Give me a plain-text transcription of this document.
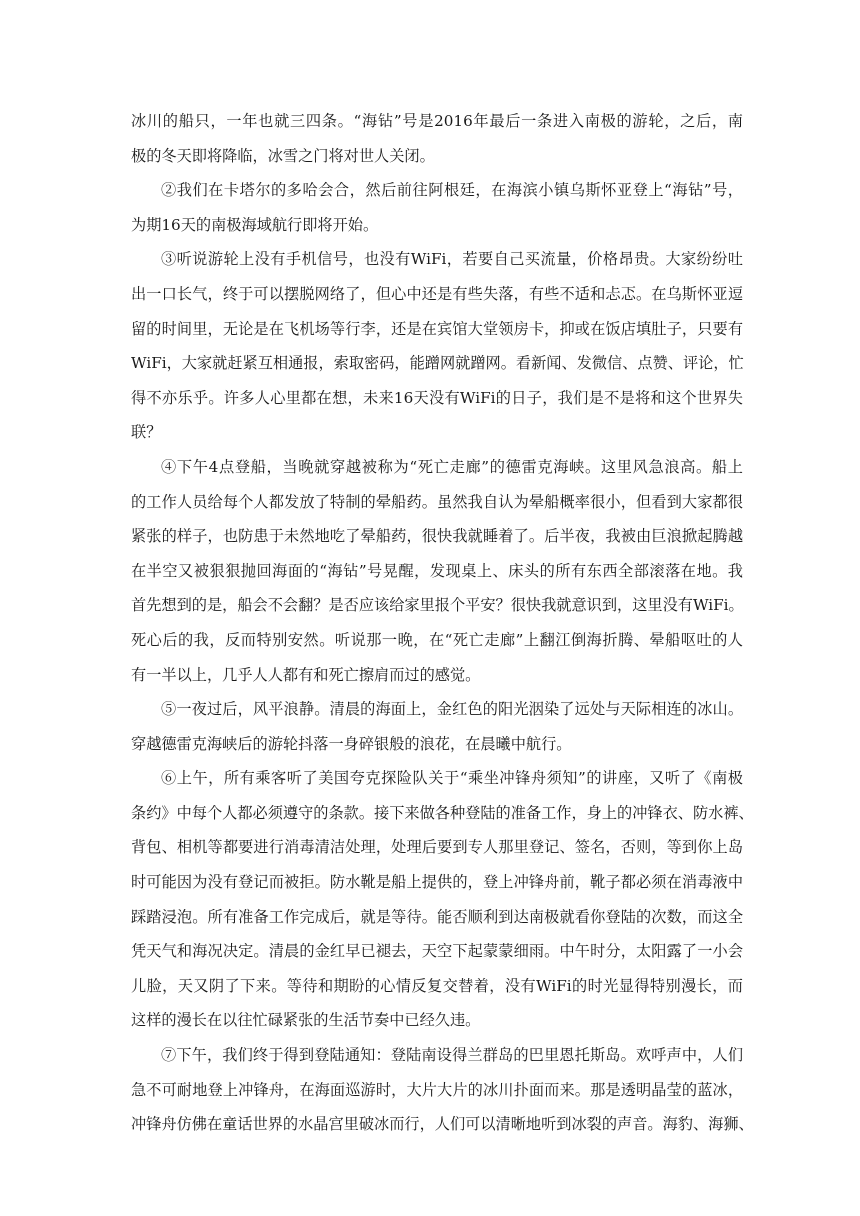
冰川的船只，一年也就三四条。“海钻”号是2016年最后一条进入南极的游轮，之后，南
极的冬天即将降临，冰雪之门将对世人关闭。
②我们在卡塔尔的多哈会合，然后前往阿根廷，在海滨小镇乌斯怀亚登上“海钻”号，
为期16天的南极海域航行即将开始。
③听说游轮上没有手机信号，也没有WiFi，若要自己买流量，价格昂贵。大家纷纷吐
出一口长气，终于可以摆脱网络了，但心中还是有些失落，有些不适和忐忑。在乌斯怀亚逗
留的时间里，无论是在飞机场等行李，还是在宾馆大堂领房卡，抑或在饭店填肚子，只要有
WiFi，大家就赶紧互相通报，索取密码，能蹭网就蹭网。看新闻、发微信、点赞、评论，忙
得不亦乐乎。许多人心里都在想，未来16天没有WiFi的日子，我们是不是将和这个世界失
联？
④下午4点登船，当晚就穿越被称为“死亡走廊”的德雷克海峡。这里风急浪高。船上
的工作人员给每个人都发放了特制的晕船药。虽然我自认为晕船概率很小，但看到大家都很
紧张的样子，也防患于未然地吃了晕船药，很快我就睡着了。后半夜，我被由巨浪掀起腾越
在半空又被狠狠抛回海面的“海钻”号晃醒，发现桌上、床头的所有东西全部滚落在地。我
首先想到的是，船会不会翻？是否应该给家里报个平安？很快我就意识到，这里没有WiFi。
死心后的我，反而特别安然。听说那一晚，在“死亡走廊”上翻江倒海折腾、晕船呕吐的人
有一半以上，几乎人人都有和死亡擦肩而过的感觉。
⑤一夜过后，风平浪静。清晨的海面上，金红色的阳光洇染了远处与天际相连的冰山。
穿越德雷克海峡后的游轮抖落一身碎银般的浪花，在晨曦中航行。
⑥上午，所有乘客听了美国夸克探险队关于“乘坐冲锋舟须知”的讲座，又听了《南极
条约》中每个人都必须遵守的条款。接下来做各种登陆的准备工作，身上的冲锋衣、防水裤、
背包、相机等都要进行消毒清洁处理，处理后要到专人那里登记、签名，否则，等到你上岛
时可能因为没有登记而被拒。防水靴是船上提供的，登上冲锋舟前，靴子都必须在消毒液中
踩踏浸泡。所有准备工作完成后，就是等待。能否顺利到达南极就看你登陆的次数，而这全
凭天气和海况决定。清晨的金红早已褪去，天空下起蒙蒙细雨。中午时分，太阳露了一小会
儿脸，天又阴了下来。等待和期盼的心情反复交替着，没有WiFi的时光显得特别漫长，而
这样的漫长在以往忙碌紧张的生活节奏中已经久违。
⑦下午，我们终于得到登陆通知：登陆南设得兰群岛的巴里恩托斯岛。欢呼声中，人们
急不可耐地登上冲锋舟，在海面巡游时，大片大片的冰川扑面而来。那是透明晶莹的蓝冰，
冲锋舟仿佛在童话世界的水晶宫里破冰而行，人们可以清晰地听到冰裂的声音。海豹、海狮、
